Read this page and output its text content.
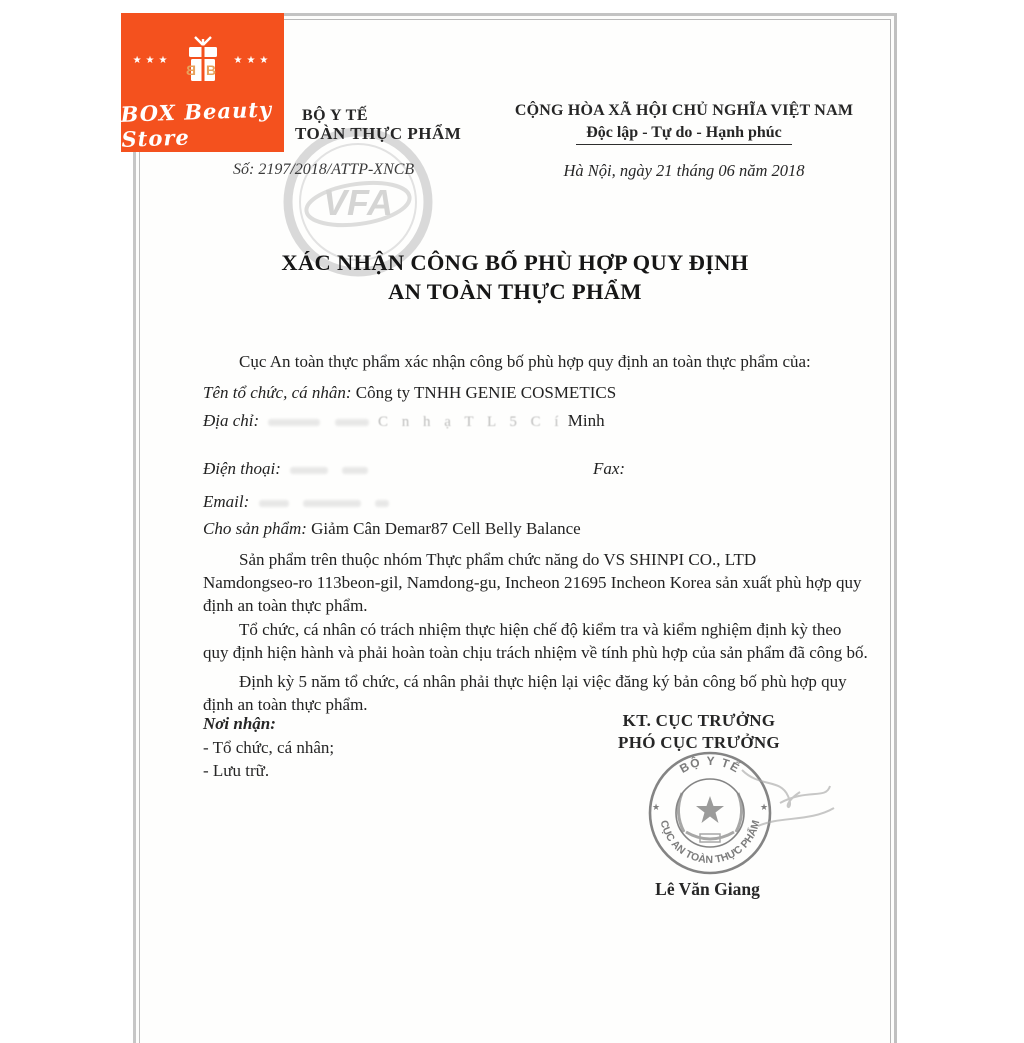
VFA
BỘ Y TẾ
TOÀN THỰC PHẨM
Số: 2197/2018/ATTP-XNCB
CỘNG HÒA XÃ HỘI CHỦ NGHĨA VIỆT NAM
Độc lập - Tự do - Hạnh phúc
Hà Nội, ngày 21 tháng 06 năm 2018
XÁC NHẬN CÔNG BỐ PHÙ HỢP QUY ĐỊNH
AN TOÀN THỰC PHẨM
Cục An toàn thực phẩm xác nhận công bố phù hợp quy định an toàn thực phẩm của:
Tên tổ chức, cá nhân: Công ty TNHH GENIE COSMETICS
Địa chỉ:	C n h ạ T L 5 C í Minh
Điện thoại:	Fax:
Email:
Cho sản phẩm: Giảm Cân Demar87 Cell Belly Balance
Sản phẩm trên thuộc nhóm Thực phẩm chức năng do VS SHINPI CO., LTD
Namdongseo-ro 113beon-gil, Namdong-gu, Incheon 21695 Incheon Korea sản xuất phù hợp quy
định an toàn thực phẩm.
Tổ chức, cá nhân có trách nhiệm thực hiện chế độ kiểm tra và kiểm nghiệm định kỳ theo
quy định hiện hành và phải hoàn toàn chịu trách nhiệm về tính phù hợp của sản phẩm đã công bố.
Định kỳ 5 năm tổ chức, cá nhân phải thực hiện lại việc đăng ký bản công bố phù hợp quy
định an toàn thực phẩm.
Nơi nhận:
- Tổ chức, cá nhân;
- Lưu trữ.
KT. CỤC TRƯỞNG
PHÓ CỤC TRƯỞNG
BỘ Y TẾ
CỤC AN TOÀN THỰC PHẨM
★	★
Lê Văn Giang
★★★
B B
★★★
BOX Beauty Store
